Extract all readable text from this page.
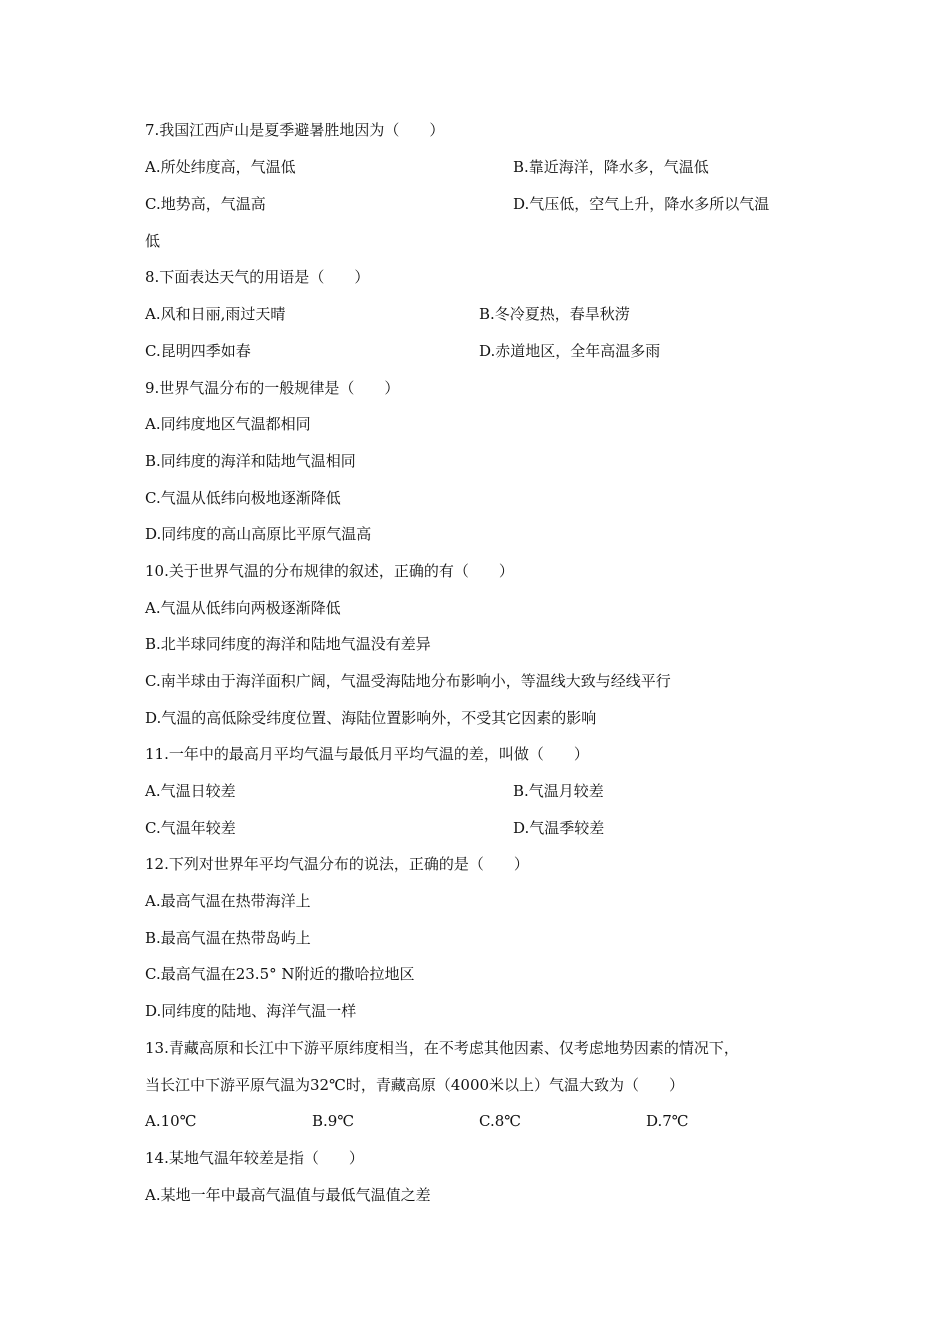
7.我国江西庐山是夏季避暑胜地因为（　　）
A.所处纬度高，气温低	B.靠近海洋，降水多，气温低
C.地势高，气温高	D.气压低，空气上升，降水多所以气温
低
8.下面表达天气的用语是（　　）
A.风和日丽,雨过天晴	B.冬冷夏热，春旱秋涝
C.昆明四季如春	D.赤道地区，全年高温多雨
9.世界气温分布的一般规律是（　　）
A.同纬度地区气温都相同
B.同纬度的海洋和陆地气温相同
C.气温从低纬向极地逐渐降低
D.同纬度的高山高原比平原气温高
10.关于世界气温的分布规律的叙述，正确的有（　　）
A.气温从低纬向两极逐渐降低
B.北半球同纬度的海洋和陆地气温没有差异
C.南半球由于海洋面积广阔，气温受海陆地分布影响小，等温线大致与经线平行
D.气温的高低除受纬度位置、海陆位置影响外，不受其它因素的影响
11.一年中的最高月平均气温与最低月平均气温的差，叫做（　　）
A.气温日较差	B.气温月较差
C.气温年较差	D.气温季较差
12.下列对世界年平均气温分布的说法，正确的是（　　）
A.最高气温在热带海洋上
B.最高气温在热带岛屿上
C.最高气温在23.5° N附近的撒哈拉地区
D.同纬度的陆地、海洋气温一样
13.青藏高原和长江中下游平原纬度相当，在不考虑其他因素、仅考虑地势因素的情况下，
当长江中下游平原气温为32℃时，青藏高原（4000米以上）气温大致为（　　）
A.10℃	B.9℃	C.8℃	D.7℃
14.某地气温年较差是指（　　）
A.某地一年中最高气温值与最低气温值之差
